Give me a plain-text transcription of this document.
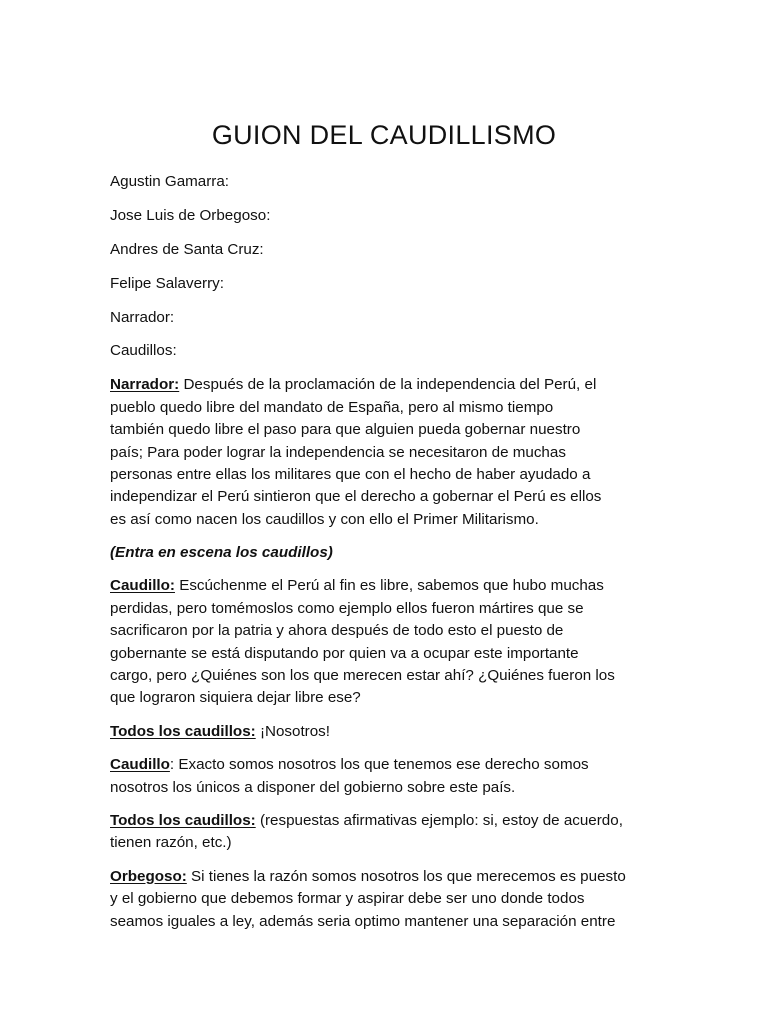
GUION DEL CAUDILLISMO
Agustin Gamarra:
Jose Luis de Orbegoso:
Andres de Santa Cruz:
Felipe Salaverry:
Narrador:
Caudillos:
Narrador: Después de la proclamación de la independencia del Perú, el
pueblo quedo libre del mandato de España, pero al mismo tiempo
también quedo libre el paso para que alguien pueda gobernar nuestro
país; Para poder lograr la independencia se necesitaron de muchas
personas entre ellas los militares que con el hecho de haber ayudado a
independizar el Perú sintieron que el derecho a gobernar el Perú es ellos
es así como nacen los caudillos y con ello el Primer Militarismo.
(Entra en escena los caudillos)
Caudillo: Escúchenme el Perú al fin es libre, sabemos que hubo muchas
perdidas, pero tomémoslos como ejemplo ellos fueron mártires que se
sacrificaron por la patria y ahora después de todo esto el puesto de
gobernante se está disputando por quien va a ocupar este importante
cargo, pero ¿Quiénes son los que merecen estar ahí? ¿Quiénes fueron los
que lograron siquiera dejar libre ese?
Todos los caudillos: ¡Nosotros!
Caudillo: Exacto somos nosotros los que tenemos ese derecho somos
nosotros los únicos a disponer del gobierno sobre este país.
Todos los caudillos: (respuestas afirmativas ejemplo: si, estoy de acuerdo,
tienen razón, etc.)
Orbegoso: Si tienes la razón somos nosotros los que merecemos es puesto
y el gobierno que debemos formar y aspirar debe ser uno donde todos
seamos iguales a ley, además seria optimo mantener una separación entre
